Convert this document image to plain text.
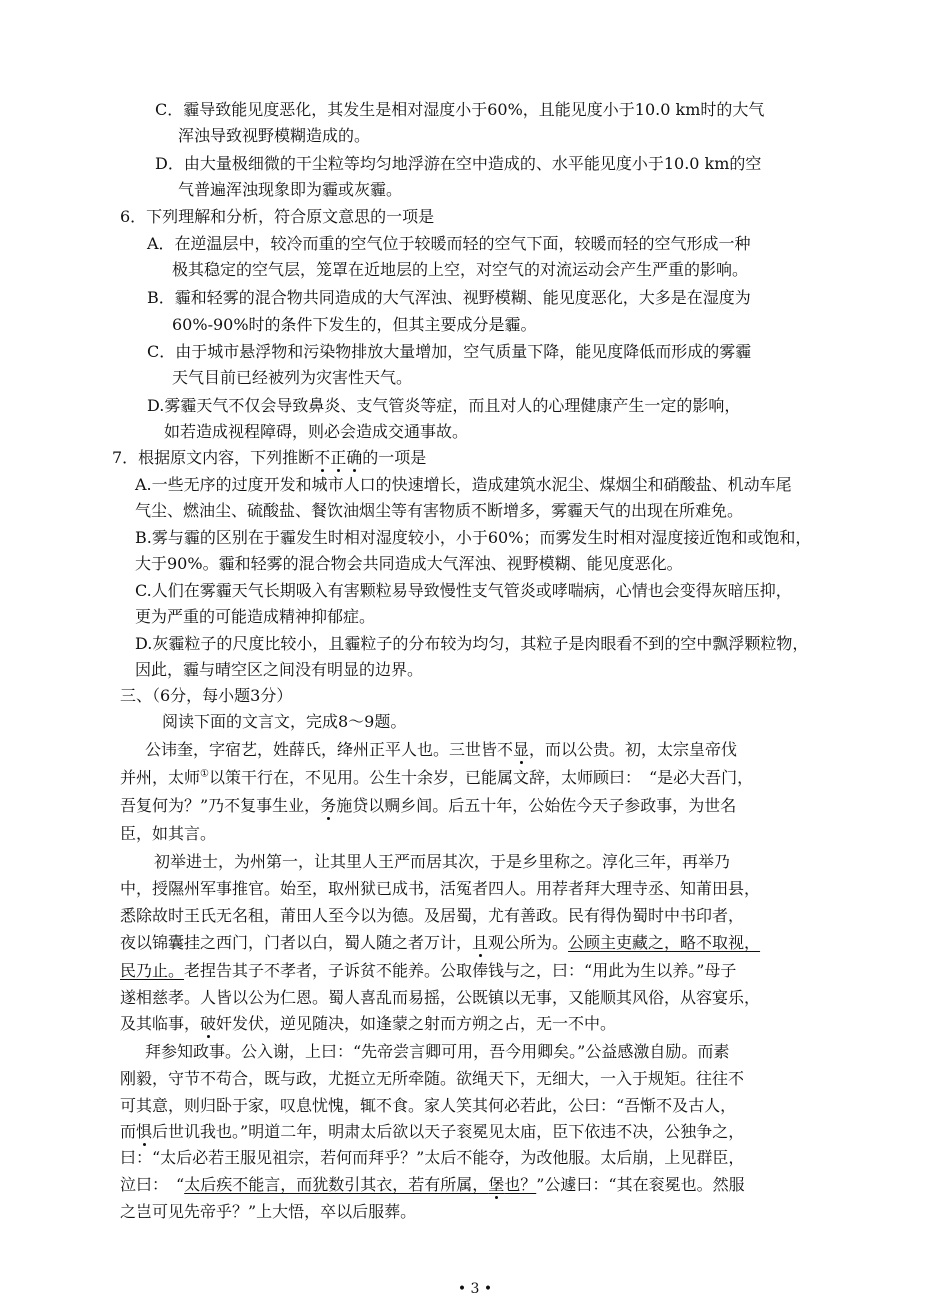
C．霾导致能见度恶化，其发生是相对湿度小于60%，且能见度小于10.0 km时的大气
浑浊导致视野模糊造成的。
D．由大量极细微的干尘粒等均匀地浮游在空中造成的、水平能见度小于10.0 km的空
气普遍浑浊现象即为霾或灰霾。
6．下列理解和分析，符合原文意思的一项是
A．在逆温层中，较冷而重的空气位于较暖而轻的空气下面，较暖而轻的空气形成一种
极其稳定的空气层，笼罩在近地层的上空，对空气的对流运动会产生严重的影响。
B．霾和轻雾的混合物共同造成的大气浑浊、视野模糊、能见度恶化，大多是在湿度为
60%-90%时的条件下发生的，但其主要成分是霾。
C．由于城市悬浮物和污染物排放大量增加，空气质量下降，能见度降低而形成的雾霾
天气目前已经被列为灾害性天气。
D.雾霾天气不仅会导致鼻炎、支气管炎等症，而且对人的心理健康产生一定的影响，
如若造成视程障碍，则必会造成交通事故。
7．根据原文内容，下列推断不正确的一项是
A.一些无序的过度开发和城市人口的快速增长，造成建筑水泥尘、煤烟尘和硝酸盐、机动车尾
气尘、燃油尘、硫酸盐、餐饮油烟尘等有害物质不断增多，雾霾天气的出现在所难免。
B.雾与霾的区别在于霾发生时相对湿度较小，小于60%；而雾发生时相对湿度接近饱和或饱和，
大于90%。霾和轻雾的混合物会共同造成大气浑浊、视野模糊、能见度恶化。
C.人们在雾霾天气长期吸入有害颗粒易导致慢性支气管炎或哮喘病，心情也会变得灰暗压抑，
更为严重的可能造成精神抑郁症。
D.灰霾粒子的尺度比较小，且霾粒子的分布较为均匀，其粒子是肉眼看不到的空中飘浮颗粒物，
因此，霾与晴空区之间没有明显的边界。
三、（6分，每小题3分）
阅读下面的文言文，完成8～9题。
公讳奎，字宿艺，姓薛氏，绛州正平人也。三世皆不显，而以公贵。初，太宗皇帝伐
并州，太师①以策干行在，不见用。公生十余岁，已能属文辞，太师顾曰：　“是必大吾门，
吾复何为？”乃不复事生业，务施贷以赒乡闾。后五十年，公始佐今天子参政事，为世名
臣，如其言。
初举进士，为州第一，让其里人王严而居其次，于是乡里称之。淳化三年，再举乃
中，授隰州军事推官。始至，取州狱已成书，活冤者四人。用荐者拜大理寺丞、知莆田县，
悉除故时王氏无名租，莆田人至今以为德。及居蜀，尤有善政。民有得伪蜀时中书印者，
夜以锦囊挂之西门，门者以白，蜀人随之者万计，且观公所为。公顾主吏藏之，略不取视，
民乃止。老捏告其子不孝者，子诉贫不能养。公取俸钱与之，曰：“用此为生以养。”母子
遂相慈孝。人皆以公为仁恩。蜀人喜乱而易摇，公既镇以无事，又能顺其风俗，从容宴乐，
及其临事，破奸发伏，逆见随决，如逢蒙之射而方朔之占，无一不中。
拜参知政事。公入谢，上曰：“先帝尝言卿可用，吾今用卿矣。”公益感激自励。而素
刚毅，守节不苟合，既与政，尤挺立无所牵随。欲绳天下，无细大，一入于规矩。往往不
可其意，则归卧于家，叹息忧愧，辄不食。家人笑其何必若此，公曰：“吾惭不及古人，
而惧后世讥我也。”明道二年，明肃太后欲以天子衮冕见太庙，臣下依违不决，公独争之，
曰：“太后必若王服见祖宗，若何而拜乎？”太后不能夺，为改他服。太后崩，上见群臣，
泣曰：　“太后疾不能言，而犹数引其衣，若有所属，堡也？”公遽曰：“其在衮冕也。然服
之岂可见先帝乎？”上大悟，卒以后服葬。
• 3 •
